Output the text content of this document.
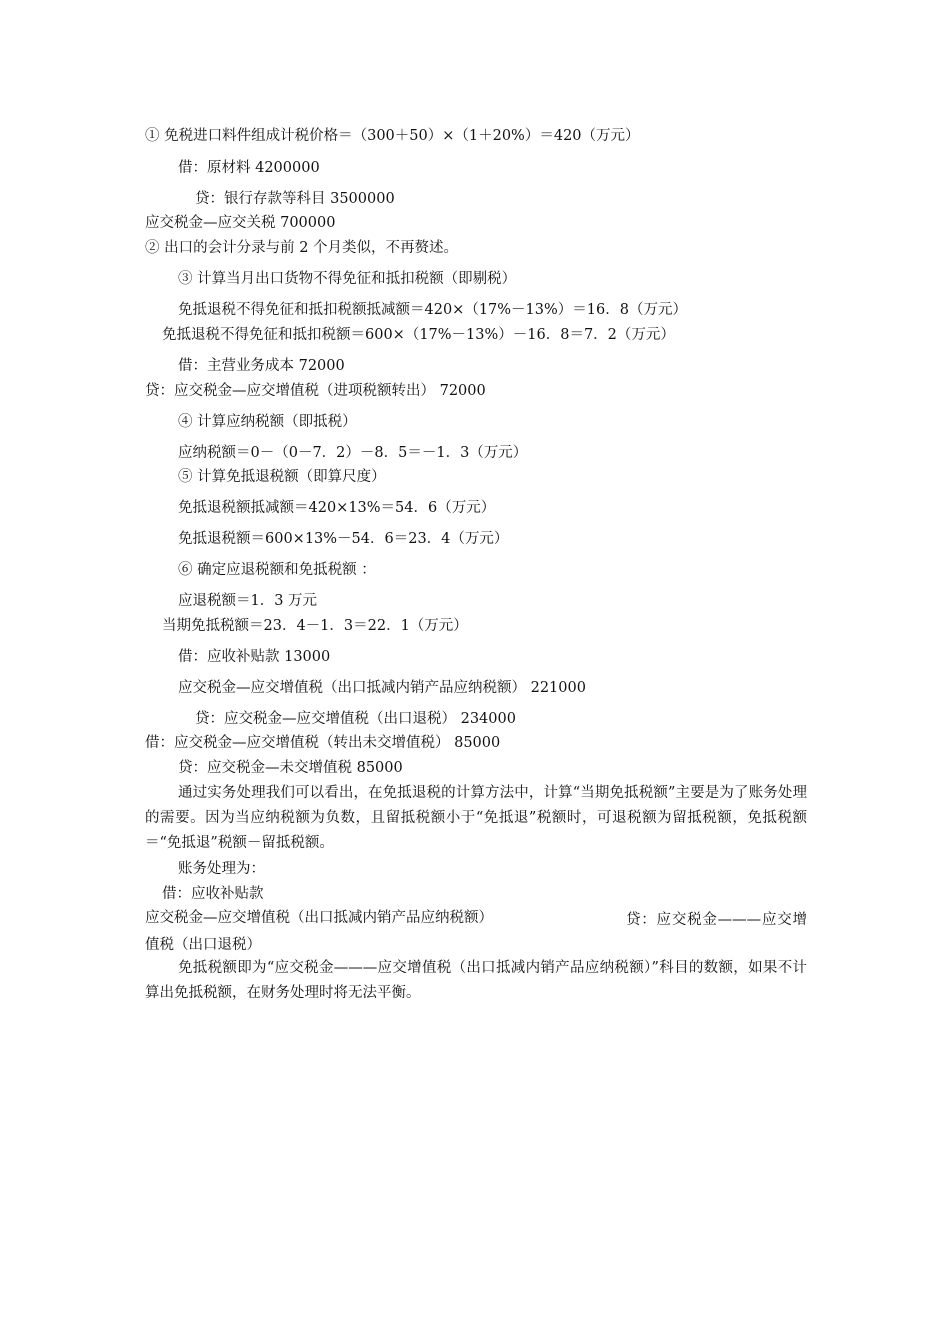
① 免税进口料件组成计税价格＝（300＋50）×（1＋20%）＝420（万元）
借：原材料 4200000
贷：银行存款等科目 3500000
应交税金—应交关税 700000
② 出口的会计分录与前 2 个月类似，不再赘述。
③ 计算当月出口货物不得免征和抵扣税额（即剔税）
免抵退税不得免征和抵扣税额抵减额＝420×（17%－13%）＝16．8（万元）
免抵退税不得免征和抵扣税额＝600×（17%－13%）－16．8＝7．2（万元）
借：主营业务成本 72000
贷：应交税金—应交增值税（进项税额转出） 72000
④ 计算应纳税额（即抵税）
应纳税额＝0－（0－7．2）－8．5＝－1．3（万元）
⑤ 计算免抵退税额（即算尺度）
免抵退税额抵减额＝420×13%＝54．6（万元）
免抵退税额＝600×13%－54．6＝23．4（万元）
⑥ 确定应退税额和免抵税额 ：
应退税额＝1．3 万元
当期免抵税额＝23．4－1．3＝22．1（万元）
借：应收补贴款 13000
应交税金—应交增值税（出口抵减内销产品应纳税额） 221000
贷：应交税金—应交增值税（出口退税） 234000
借：应交税金—应交增值税（转出未交增值税） 85000
贷：应交税金—未交增值税 85000
通过实务处理我们可以看出，在免抵退税的计算方法中，计算“当期免抵税额”主要是为了账务处理的需要。因为当应纳税额为负数，且留抵税额小于“免抵退”税额时，可退税额为留抵税额，免抵税额＝“免抵退”税额－留抵税额。
账务处理为：
借：应收补贴款
应交税金—应交增值税（出口抵减内销产品应纳税额）	贷：应交税金———应交增值税（出口退税）
免抵税额即为“应交税金———应交增值税（出口抵减内销产品应纳税额）”科目的数额，如果不计算出免抵税额，在财务处理时将无法平衡。
